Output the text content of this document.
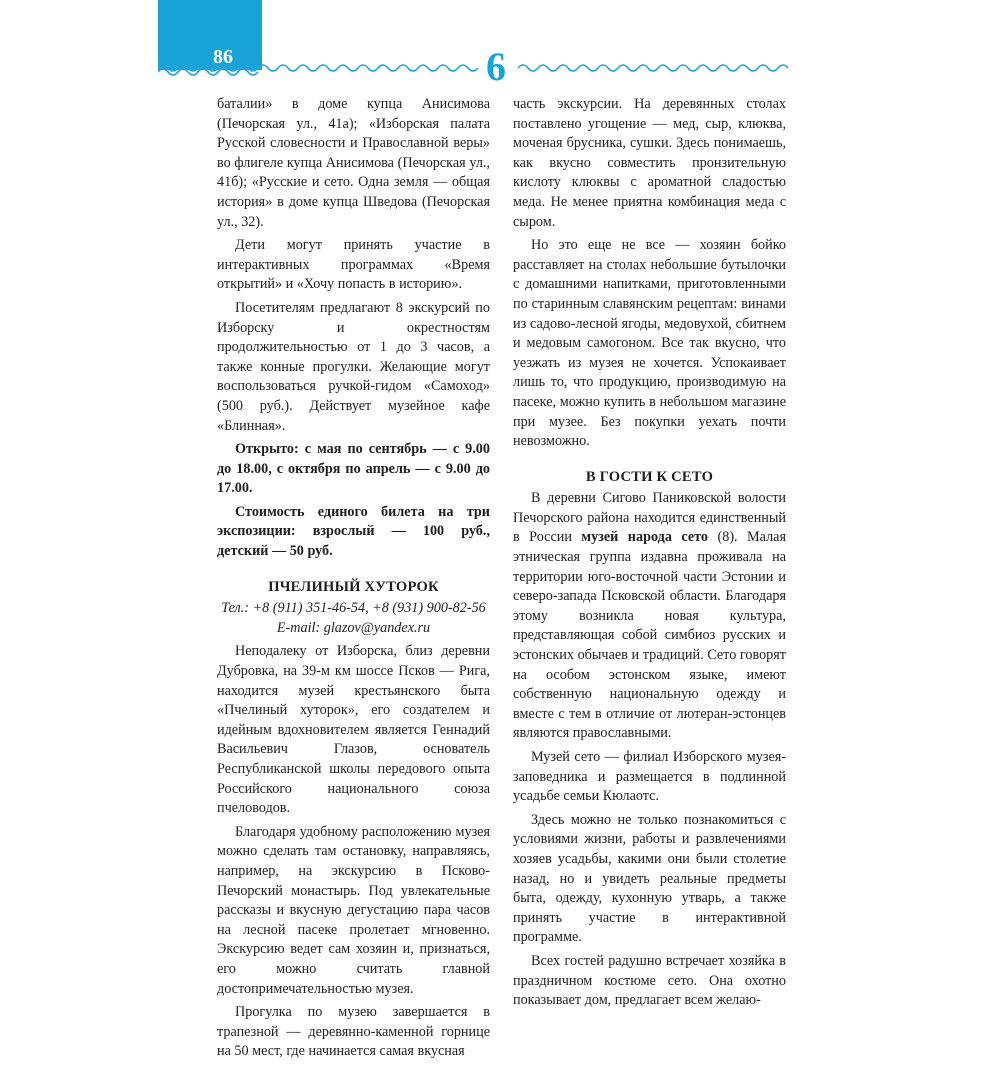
86	6

баталии» в доме купца Анисимова (Печорская ул., 41а); «Изборская палата Русской словесности и Православной веры» во флигеле купца Анисимова (Печорская ул., 41б); «Русские и сето. Одна земля — общая история» в доме купца Шведова (Печорская ул., 32).

Дети могут принять участие в интерактивных программах «Время открытий» и «Хочу попасть в историю».

Посетителям предлагают 8 экскурсий по Изборску и окрестностям продолжительностью от 1 до 3 часов, а также конные прогулки. Желающие могут воспользоваться ручкой-гидом «Самоход» (500 руб.). Действует музейное кафе «Блинная».

Открыто: с мая по сентябрь — с 9.00 до 18.00, с октября по апрель — с 9.00 до 17.00.

Стоимость единого билета на три экспозиции: взрослый — 100 руб., детский — 50 руб.

ПЧЕЛИНЫЙ ХУТОРОК
Тел.: +8 (911) 351-46-54, +8 (931) 900-82-56
E-mail: glazov@yandex.ru

Неподалеку от Изборска, близ деревни Дубровка, на 39-м км шоссе Псков — Рига, находится музей крестьянского быта «Пчелиный хуторок», его создателем и идейным вдохновителем является Геннадий Васильевич Глазов, основатель Республиканской школы передового опыта Российского национального союза пчеловодов.

Благодаря удобному расположению музея можно сделать там остановку, направляясь, например, на экскурсию в Псково-Печорский монастырь. Под увлекательные рассказы и вкусную дегустацию пара часов на лесной пасеке пролетает мгновенно. Экскурсию ведет сам хозяин и, признаться, его можно считать главной достопримечательностью музея.

Прогулка по музею завершается в трапезной — деревянно-каменной горнице на 50 мест, где начинается самая вкусная

часть экскурсии. На деревянных столах поставлено угощение — мед, сыр, клюква, моченая брусника, сушки. Здесь понимаешь, как вкусно совместить пронзительную кислоту клюквы с ароматной сладостью меда. Не менее приятна комбинация меда с сыром.

Но это еще не все — хозяин бойко расставляет на столах небольшие бутылочки с домашними напитками, приготовленными по старинным славянским рецептам: винами из садово-лесной ягоды, медовухой, сбитнем и медовым самогоном. Все так вкусно, что уезжать из музея не хочется. Успокаивает лишь то, что продукцию, производимую на пасеке, можно купить в небольшом магазине при музее. Без покупки уехать почти невозможно.

В ГОСТИ К СЕТО

В деревни Сигово Паниковской волости Печорского района находится единственный в России музей народа сето (8). Малая этническая группа издавна проживала на территории юго-восточной части Эстонии и северо-запада Псковской области. Благодаря этому возникла новая культура, представляющая собой симбиоз русских и эстонских обычаев и традиций. Сето говорят на особом эстонском языке, имеют собственную национальную одежду и вместе с тем в отличие от лютеран-эстонцев являются православными.

Музей сето — филиал Изборского музея-заповедника и размещается в подлинной усадьбе семьи Кюлаотс.

Здесь можно не только познакомиться с условиями жизни, работы и развлечениями хозяев усадьбы, какими они были столетие назад, но и увидеть реальные предметы быта, одежду, кухонную утварь, а также принять участие в интерактивной программе.

Всех гостей радушно встречает хозяйка в праздничном костюме сето. Она охотно показывает дом, предлагает всем желаю-
